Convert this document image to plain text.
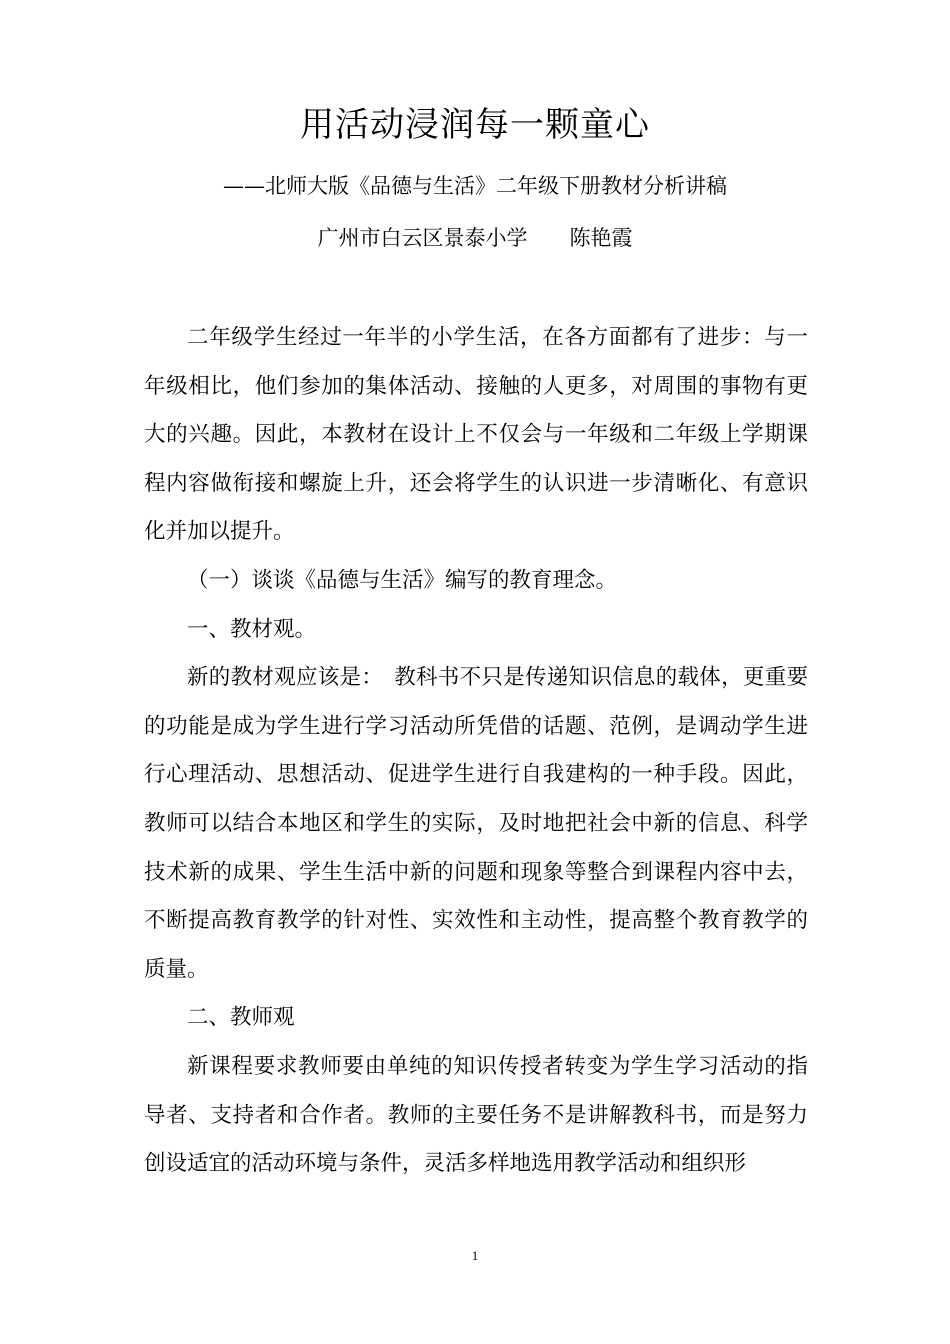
用活动浸润每一颗童心
——北师大版《品德与生活》二年级下册教材分析讲稿
广州市白云区景泰小学 陈艳霞

二年级学生经过一年半的小学生活，在各方面都有了进步：与一年级相比，他们参加的集体活动、接触的人更多，对周围的事物有更大的兴趣。因此，本教材在设计上不仅会与一年级和二年级上学期课程内容做衔接和螺旋上升，还会将学生的认识进一步清晰化、有意识化并加以提升。

（一）谈谈《品德与生活》编写的教育理念。

一、教材观。

新的教材观应该是：　教科书不只是传递知识信息的载体，更重要的功能是成为学生进行学习活动所凭借的话题、范例，是调动学生进行心理活动、思想活动、促进学生进行自我建构的一种手段。因此，教师可以结合本地区和学生的实际，及时地把社会中新的信息、科学技术新的成果、学生生活中新的问题和现象等整合到课程内容中去，不断提高教育教学的针对性、实效性和主动性，提高整个教育教学的质量。

二、教师观

新课程要求教师要由单纯的知识传授者转变为学生学习活动的指导者、支持者和合作者。教师的主要任务不是讲解教科书，而是努力创设适宜的活动环境与条件，灵活多样地选用教学活动和组织形

1
